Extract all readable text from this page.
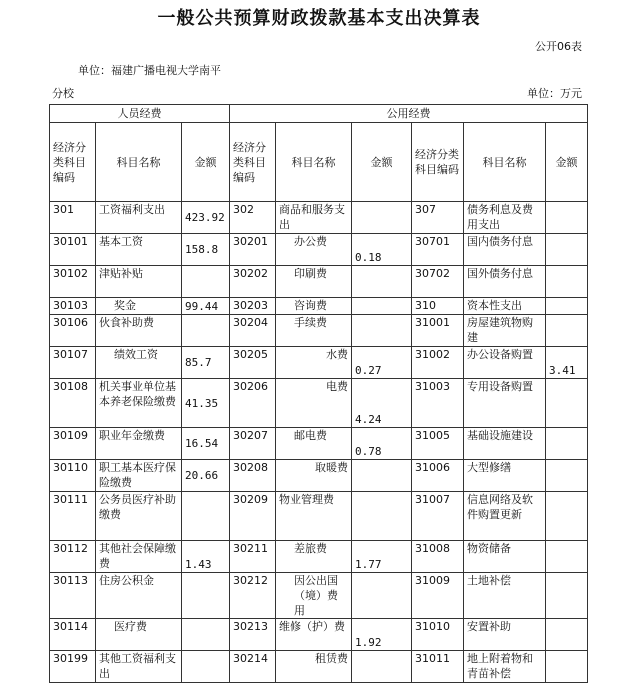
一般公共预算财政拨款基本支出决算表
公开06表
单位：福建广播电视大学南平
分校	单位：万元
人员经费			公用经费					
经济分类科目编码	科目名称	金额	经济分类科目编码	科目名称	金额	经济分类科目编码	科目名称	金额
301	工资福利支出	423.92	302	商品和服务支出		307	债务利息及费用支出	
30101	基本工资	158.8	30201	办公费	0.18	30701	国内债务付息	
30102	津贴补贴		30202	印刷费		30702	国外债务付息	
30103	奖金	99.44	30203	咨询费		310	资本性支出	
30106	伙食补助费		30204	手续费		31001	房屋建筑物购建	
30107	绩效工资	85.7	30205	水费	0.27	31002	办公设备购置	3.41
30108	机关事业单位基本养老保险缴费	41.35	30206	电费	4.24	31003	专用设备购置	
30109	职业年金缴费	16.54	30207	邮电费	0.78	31005	基础设施建设	
30110	职工基本医疗保险缴费	20.66	30208	取暖费		31006	大型修缮	
30111	公务员医疗补助缴费		30209	物业管理费		31007	信息网络及软件购置更新	
30112	其他社会保障缴费	1.43	30211	差旅费	1.77	31008	物资储备	
30113	住房公积金		30212	因公出国（境）费用		31009	土地补偿	
30114	医疗费		30213	维修（护）费	1.92	31010	安置补助	
30199	其他工资福利支出		30214	租赁费		31011	地上附着物和青苗补偿	
